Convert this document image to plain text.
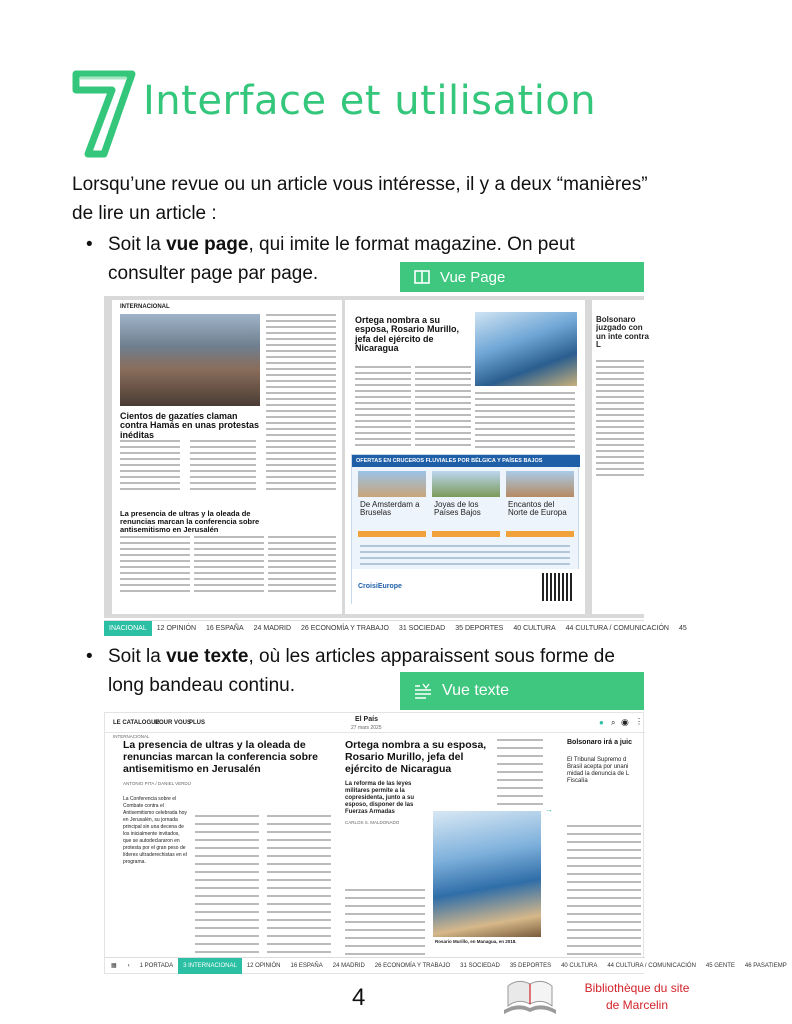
Interface et utilisation
Lorsqu’une revue ou un article vous intéresse, il y a deux “manières” de lire un article :
• Soit la vue page, qui imite le format magazine. On peut consulter page par page.	Vue Page
INTERNACIONAL
Cientos de gazatíes claman contra Hamás en unas protestas inéditas
La presencia de ultras y la oleada de renuncias marcan la conferencia sobre antisemitismo en Jerusalén
Ortega nombra a su esposa, Rosario Murillo, jefa del ejército de Nicaragua
OFERTAS EN CRUCEROS FLUVIALES POR BÉLGICA Y PAÍSES BAJOS
De Amsterdam a Bruselas
Joyas de los Países Bajos
Encantos del Norte de Europa
CroisiEurope
Bolsonaro juzgado con un inte contra L
INACIONAL	12 OPINIÓN	16 ESPAÑA	24 MADRID	26 ECONOMÍA Y TRABAJO	31 SOCIEDAD	35 DEPORTES	40 CULTURA	44 CULTURA / COMUNICACIÓN	45
• Soit la vue texte, où les articles apparaissent sous forme de long bandeau continu.	Vue texte
LE CATALOGUE
POUR VOUS
PLUS	El País
27 mars 2025
● ⌕ ◉ ⋮
INTERNACIONAL
La presencia de ultras y la oleada de renuncias marcan la conferencia sobre antisemitismo en Jerusalén
ANTONIO PITA / DANIEL VERDÚ
La Conferencia sobre el Combate contra el Antisemitismo celebrada hoy en Jerusalén, su jornada principal sin una decena de los inicialmente invitados, que se autodeclararon en protesta por el gran peso de líderes ultraderechistas en el programa.
Ortega nombra a su esposa, Rosario Murillo, jefa del ejército de Nicaragua
La reforma de las leyes militares permite a la copresidenta, junto a su esposo, disponer de las Fuerzas Armadas
CARLOS S. MALDONADO
Rosario Murillo, en Managua, en 2018.
→
Bolsonaro irá a juic
El Tribunal Supremo d Brasil acepta por unani midad la denuncia de L Fiscalía
▦	‹	1 PORTADA	3 INTERNACIONAL	12 OPINIÓN	16 ESPAÑA	24 MADRID	26 ECONOMÍA Y TRABAJO	31 SOCIEDAD	35 DEPORTES	40 CULTURA	44 CULTURA / COMUNICACIÓN	45 GENTE	46 PASATIEMP
4	Bibliothèque du site
de Marcelin
